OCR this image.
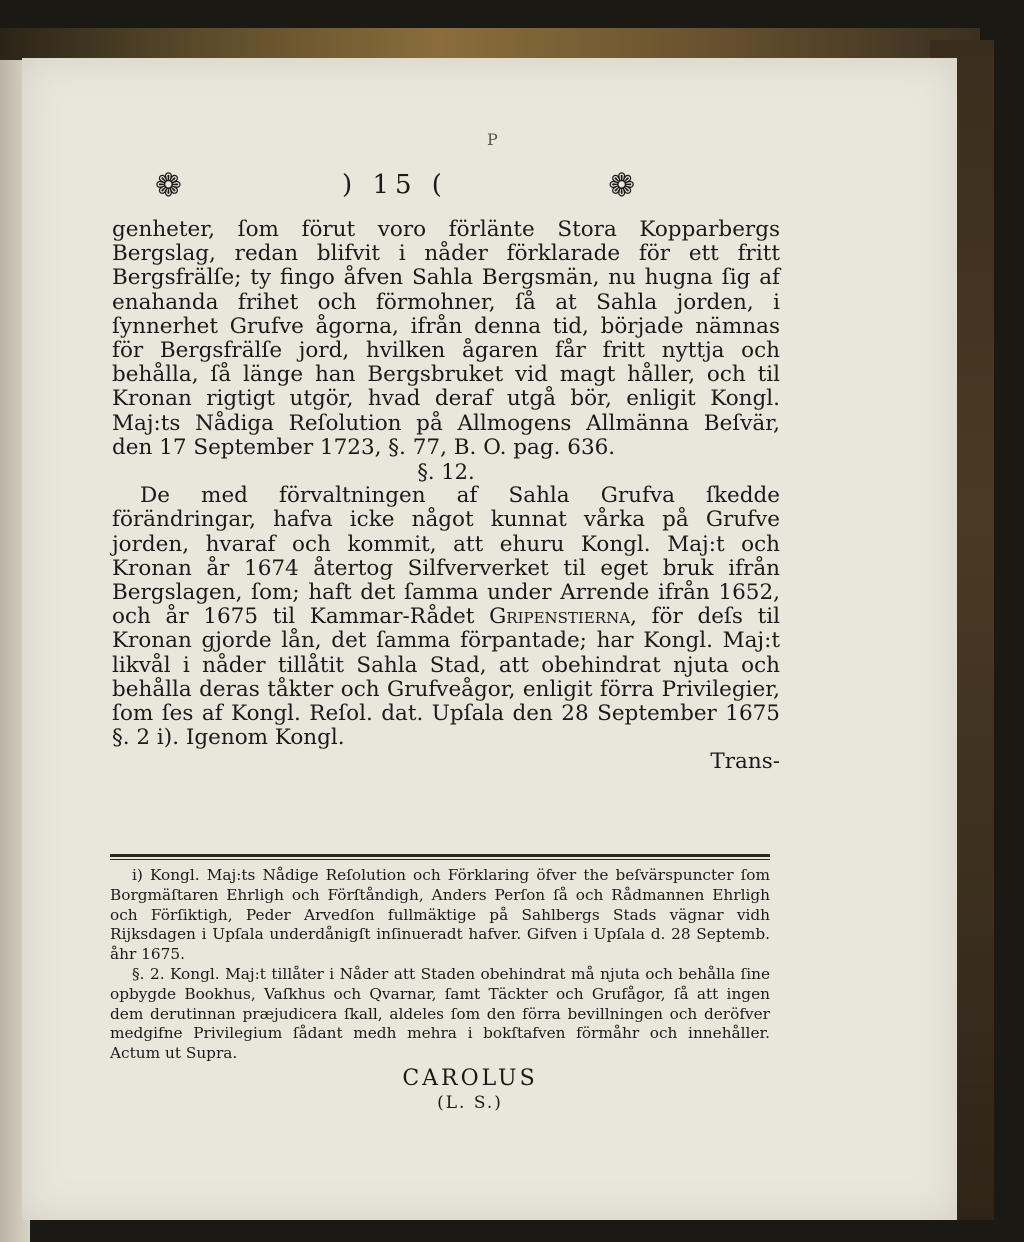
P
❁	) 15 (	❁

genheter, ſom förut voro förlänte Stora Kopparbergs Bergslag, redan blifvit i nåder förklarade för ett fritt Bergsfrälſe; ty fingo åfven Sahla Bergsmän, nu hugna ſig af enahanda frihet och förmohner, ſå at Sahla jorden, i ſynnerhet Grufve ågorna, ifrån denna tid, började nämnas för Bergsfrälſe jord, hvilken ågaren får fritt nyttja och behålla, ſå länge han Bergsbruket vid magt håller, och til Kronan rigtigt utgör, hvad deraf utgå bör, enligit Kongl. Maj:ts Nådiga Reſolution på Allmogens Allmänna Beſvär, den 17 September 1723, §. 77, B. O. pag. 636.

§. 12.

De med förvaltningen af Sahla Grufva ſkedde förändringar, hafva icke något kunnat vårka på Grufve jorden, hvaraf och kommit, att ehuru Kongl. Maj:t och Kronan år 1674 återtog Silfververket til eget bruk ifrån Bergslagen, ſom; haft det ſamma under Arrende ifrån 1652, och år 1675 til Kammar-Rådet Gripenstierna, för deſs til Kronan gjorde lån, det ſamma förpantade; har Kongl. Maj:t likvål i nåder tillåtit Sahla Stad, att obehindrat njuta och behålla deras tåkter och Grufveågor, enligit förra Privilegier, ſom ſes af Kongl. Reſol. dat. Upſala den 28 September 1675 §. 2 i). Igenom Kongl.

Trans-

i) Kongl. Maj:ts Nådige Reſolution och Förklaring öfver the beſvärspuncter ſom Borgmäſtaren Ehrligh och Förſtåndigh, Anders Perſon ſå och Rådmannen Ehrligh och Förſiktigh, Peder Arvedſon fullmäktige på Sahlbergs Stads vägnar vidh Rijksdagen i Upſala underdånigſt inſinueradt hafver. Gifven i Upſala d. 28 Septemb. åhr 1675.

§. 2. Kongl. Maj:t tillåter i Nåder att Staden obehindrat må njuta och behålla ſine opbygde Bookhus, Vaſkhus och Qvarnar, ſamt Täckter och Grufågor, ſå att ingen dem derutinnan præjudicera ſkall, aldeles ſom den förra bevillningen och deröfver medgifne Privilegium ſådant medh mehra i bokſtafven förmåhr och innehåller. Actum ut Supra.

CAROLUS
(L. S.)
